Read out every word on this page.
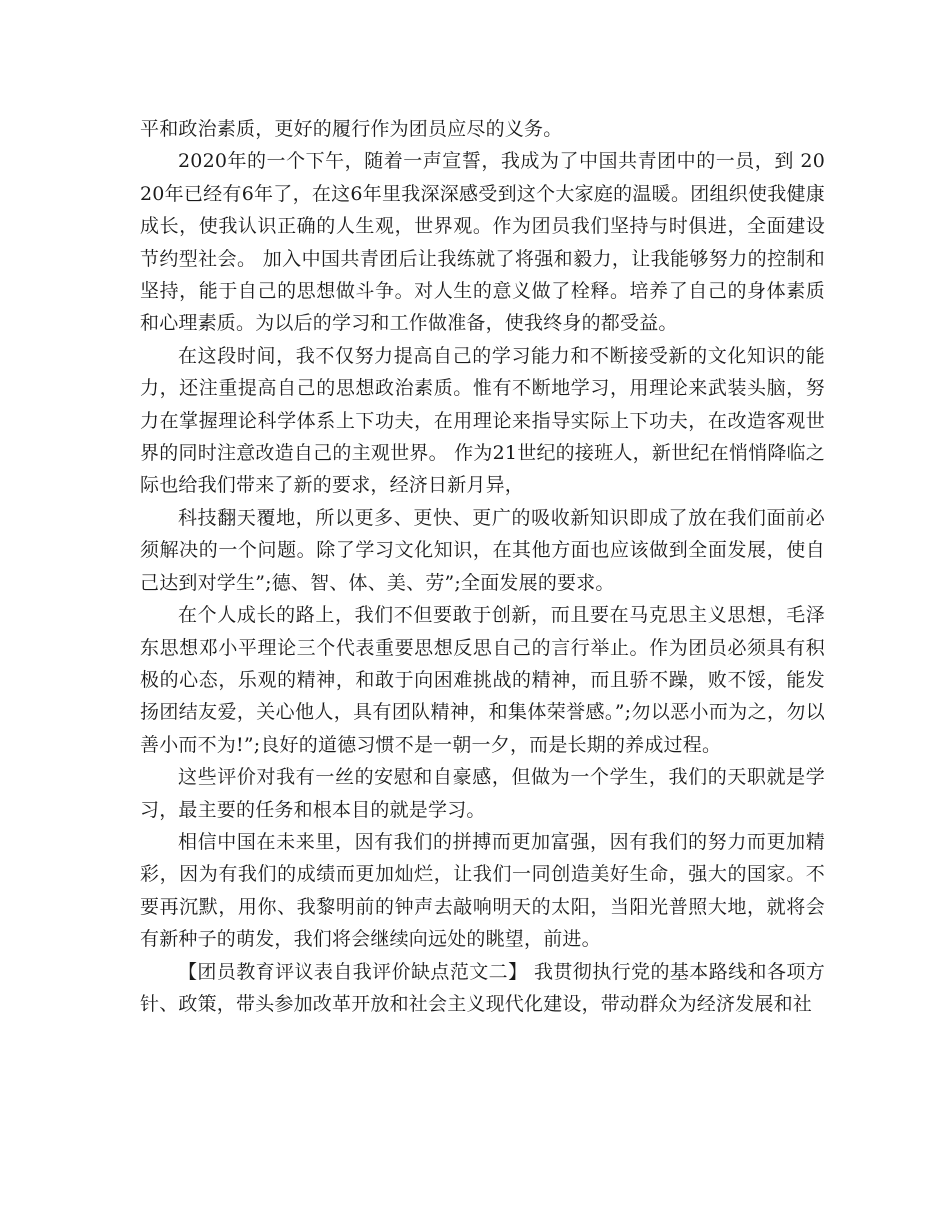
平和政治素质，更好的履行作为团员应尽的义务。

2020年的一个下午，随着一声宣誓，我成为了中国共青团中的一员，到 2020年已经有6年了，在这6年里我深深感受到这个大家庭的温暖。团组织使我健康成长，使我认识正确的人生观，世界观。作为团员我们坚持与时俱进，全面建设节约型社会。 加入中国共青团后让我练就了将强和毅力，让我能够努力的控制和坚持，能于自己的思想做斗争。对人生的意义做了栓释。培养了自己的身体素质和心理素质。为以后的学习和工作做准备，使我终身的都受益。

在这段时间，我不仅努力提高自己的学习能力和不断接受新的文化知识的能力，还注重提高自己的思想政治素质。惟有不断地学习，用理论来武装头脑，努力在掌握理论科学体系上下功夫，在用理论来指导实际上下功夫，在改造客观世界的同时注意改造自己的主观世界。 作为21世纪的接班人，新世纪在悄悄降临之际也给我们带来了新的要求，经济日新月异，

科技翻天覆地，所以更多、更快、更广的吸收新知识即成了放在我们面前必须解决的一个问题。除了学习文化知识，在其他方面也应该做到全面发展，使自己达到对学生”;德、智、体、美、劳”;全面发展的要求。

在个人成长的路上，我们不但要敢于创新，而且要在马克思主义思想，毛泽东思想邓小平理论三个代表重要思想反思自己的言行举止。作为团员必须具有积极的心态，乐观的精神，和敢于向困难挑战的精神，而且骄不躁，败不馁，能发扬团结友爱，关心他人，具有团队精神，和集体荣誉感。”;勿以恶小而为之，勿以善小而不为!”;良好的道德习惯不是一朝一夕，而是长期的养成过程。

这些评价对我有一丝的安慰和自豪感，但做为一个学生，我们的天职就是学习，最主要的任务和根本目的就是学习。

相信中国在未来里，因有我们的拼搏而更加富强，因有我们的努力而更加精彩，因为有我们的成绩而更加灿烂，让我们一同创造美好生命，强大的国家。不要再沉默，用你、我黎明前的钟声去敲响明天的太阳，当阳光普照大地，就将会有新种子的萌发，我们将会继续向远处的眺望，前进。

【团员教育评议表自我评价缺点范文二】 我贯彻执行党的基本路线和各项方针、政策，带头参加改革开放和社会主义现代化建设，带动群众为经济发展和社
